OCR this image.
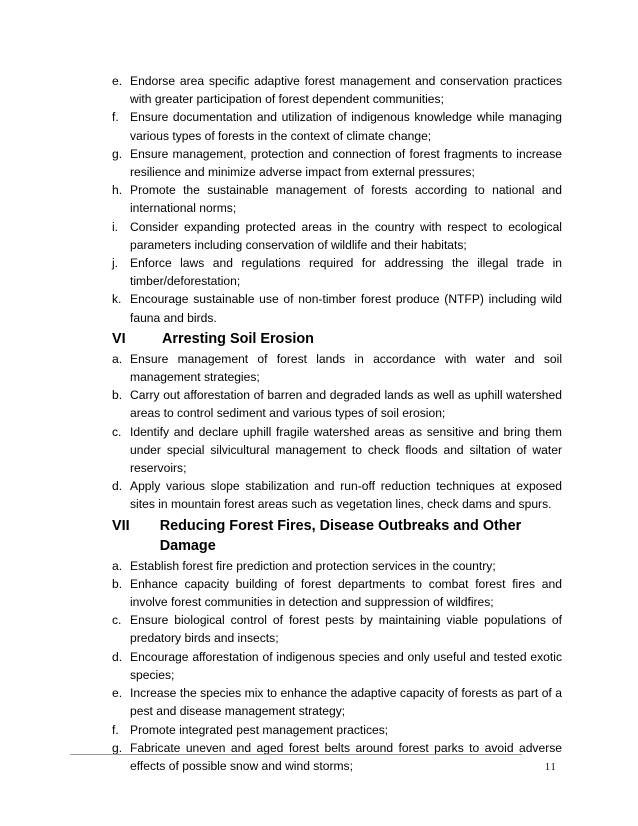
e. Endorse area specific adaptive forest management and conservation practices with greater participation of forest dependent communities;
f. Ensure documentation and utilization of indigenous knowledge while managing various types of forests in the context of climate change;
g. Ensure management, protection and connection of forest fragments to increase resilience and minimize adverse impact from external pressures;
h. Promote the sustainable management of forests according to national and international norms;
i. Consider expanding protected areas in the country with respect to ecological parameters including conservation of wildlife and their habitats;
j. Enforce laws and regulations required for addressing the illegal trade in timber/deforestation;
k. Encourage sustainable use of non-timber forest produce (NTFP) including wild fauna and birds.
VI	Arresting Soil Erosion
a. Ensure management of forest lands in accordance with water and soil management strategies;
b. Carry out afforestation of barren and degraded lands as well as uphill watershed areas to control sediment and various types of soil erosion;
c. Identify and declare uphill fragile watershed areas as sensitive and bring them under special silvicultural management to check floods and siltation of water reservoirs;
d. Apply various slope stabilization and run-off reduction techniques at exposed sites in mountain forest areas such as vegetation lines, check dams and spurs.
VII	Reducing Forest Fires, Disease Outbreaks and Other Damage
a. Establish forest fire prediction and protection services in the country;
b. Enhance capacity building of forest departments to combat forest fires and involve forest communities in detection and suppression of wildfires;
c. Ensure biological control of forest pests by maintaining viable populations of predatory birds and insects;
d. Encourage afforestation of indigenous species and only useful and tested exotic species;
e. Increase the species mix to enhance the adaptive capacity of forests as part of a pest and disease management strategy;
f. Promote integrated pest management practices;
g. Fabricate uneven and aged forest belts around forest parks to avoid adverse effects of possible snow and wind storms;	11
